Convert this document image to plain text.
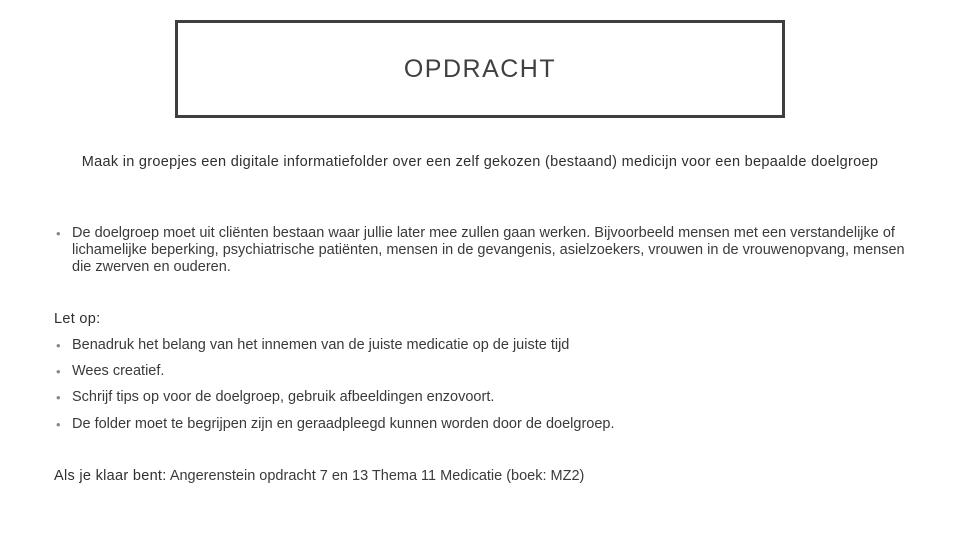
OPDRACHT
Maak in groepjes een digitale informatiefolder over een zelf gekozen (bestaand) medicijn voor een bepaalde doelgroep
• De doelgroep moet uit cliënten bestaan waar jullie later mee zullen gaan werken. Bijvoorbeeld mensen met een verstandelijke of lichamelijke beperking, psychiatrische patiënten, mensen in de gevangenis, asielzoekers, vrouwen in de vrouwenopvang, mensen die zwerven en ouderen.
Let op:
• Benadruk het belang van het innemen van de juiste medicatie op de juiste tijd
• Wees creatief.
• Schrijf tips op voor de doelgroep, gebruik afbeeldingen enzovoort.
• De folder moet te begrijpen zijn en geraadpleegd kunnen worden door de doelgroep.
Als je klaar bent: Angerenstein opdracht 7 en 13 Thema 11 Medicatie (boek: MZ2)
